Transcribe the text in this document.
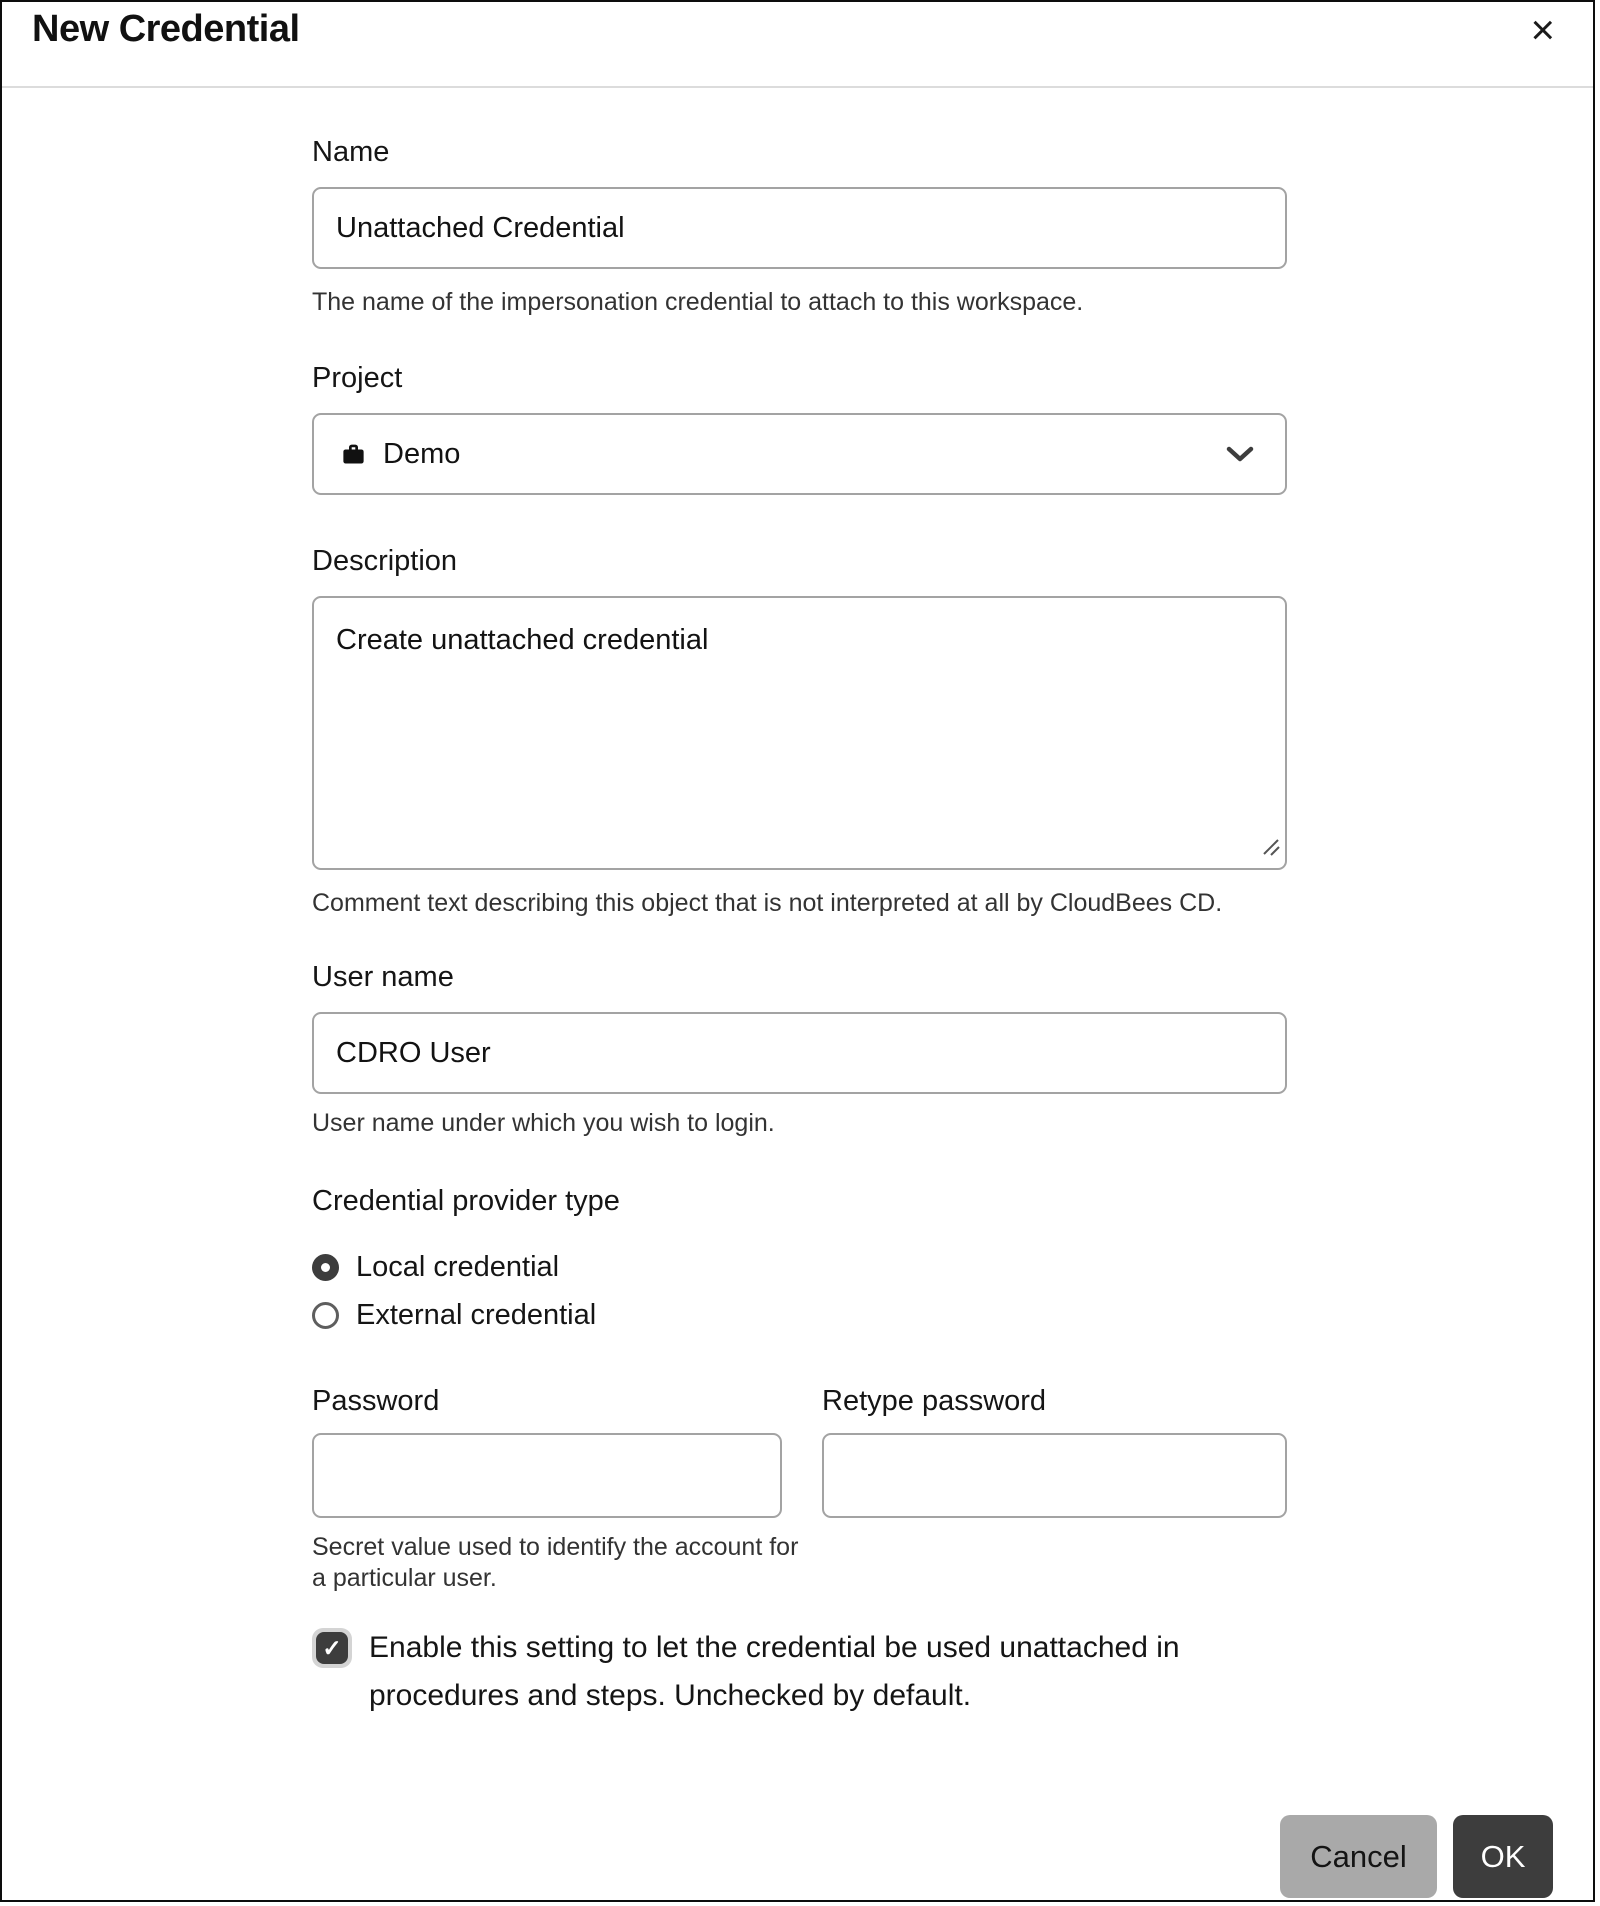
New Credential	×
Name
Unattached Credential

The name of the impersonation credential to attach to this workspace.

Project
Demo
Description
Create unattached credential

Comment text describing this object that is not interpreted at all by CloudBees CD.

User name
CDRO User

User name under which you wish to login.

Credential provider type
Local credential
External credential
Password

Secret value used to identify the account for a particular user.

Retype password
✓ Enable this setting to let the credential be used unattached in procedures and steps. Unchecked by default.
Cancel	OK
